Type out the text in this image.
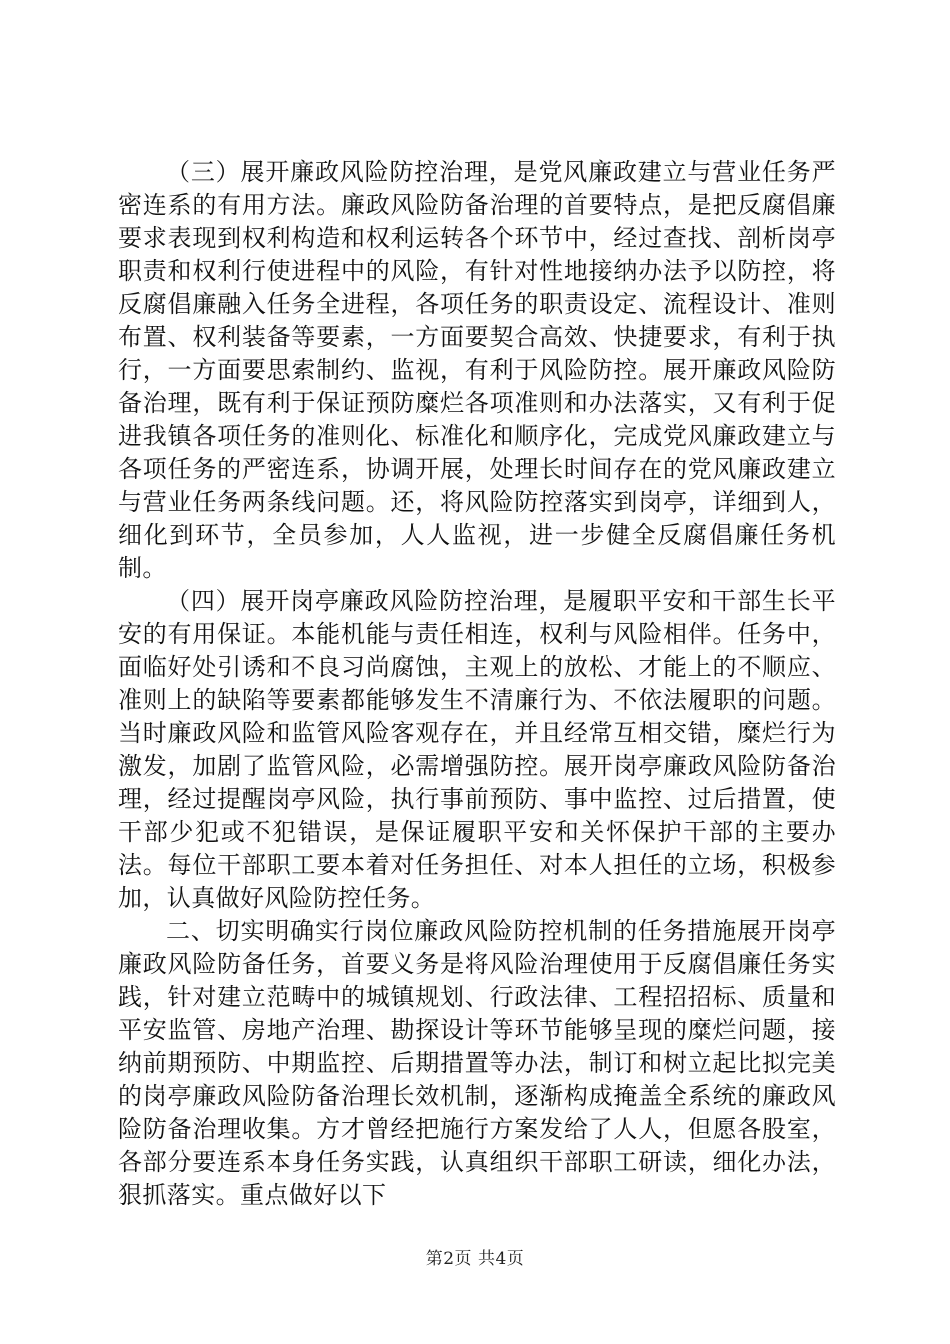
（三）展开廉政风险防控治理，是党风廉政建立与营业任务严密连系的有用方法。廉政风险防备治理的首要特点，是把反腐倡廉要求表现到权利构造和权利运转各个环节中，经过查找、剖析岗亭职责和权利行使进程中的风险，有针对性地接纳办法予以防控，将反腐倡廉融入任务全进程，各项任务的职责设定、流程设计、准则布置、权利装备等要素，一方面要契合高效、快捷要求，有利于执行，一方面要思索制约、监视，有利于风险防控。展开廉政风险防备治理，既有利于保证预防糜烂各项准则和办法落实，又有利于促进我镇各项任务的准则化、标准化和顺序化，完成党风廉政建立与各项任务的严密连系，协调开展，处理长时间存在的党风廉政建立与营业任务两条线问题。还，将风险防控落实到岗亭，详细到人，细化到环节，全员参加，人人监视，进一步健全反腐倡廉任务机制。

（四）展开岗亭廉政风险防控治理，是履职平安和干部生长平安的有用保证。本能机能与责任相连，权利与风险相伴。任务中，面临好处引诱和不良习尚腐蚀，主观上的放松、才能上的不顺应、准则上的缺陷等要素都能够发生不清廉行为、不依法履职的问题。当时廉政风险和监管风险客观存在，并且经常互相交错，糜烂行为激发，加剧了监管风险，必需增强防控。展开岗亭廉政风险防备治理，经过提醒岗亭风险，执行事前预防、事中监控、过后措置，使干部少犯或不犯错误，是保证履职平安和关怀保护干部的主要办法。每位干部职工要本着对任务担任、对本人担任的立场，积极参加，认真做好风险防控任务。

二、切实明确实行岗位廉政风险防控机制的任务措施展开岗亭廉政风险防备任务，首要义务是将风险治理使用于反腐倡廉任务实践，针对建立范畴中的城镇规划、行政法律、工程招招标、质量和平安监管、房地产治理、勘探设计等环节能够呈现的糜烂问题，接纳前期预防、中期监控、后期措置等办法，制订和树立起比拟完美的岗亭廉政风险防备治理长效机制，逐渐构成掩盖全系统的廉政风险防备治理收集。方才曾经把施行方案发给了人人，但愿各股室，各部分要连系本身任务实践，认真组织干部职工研读，细化办法，狠抓落实。重点做好以下

第2页 共4页
